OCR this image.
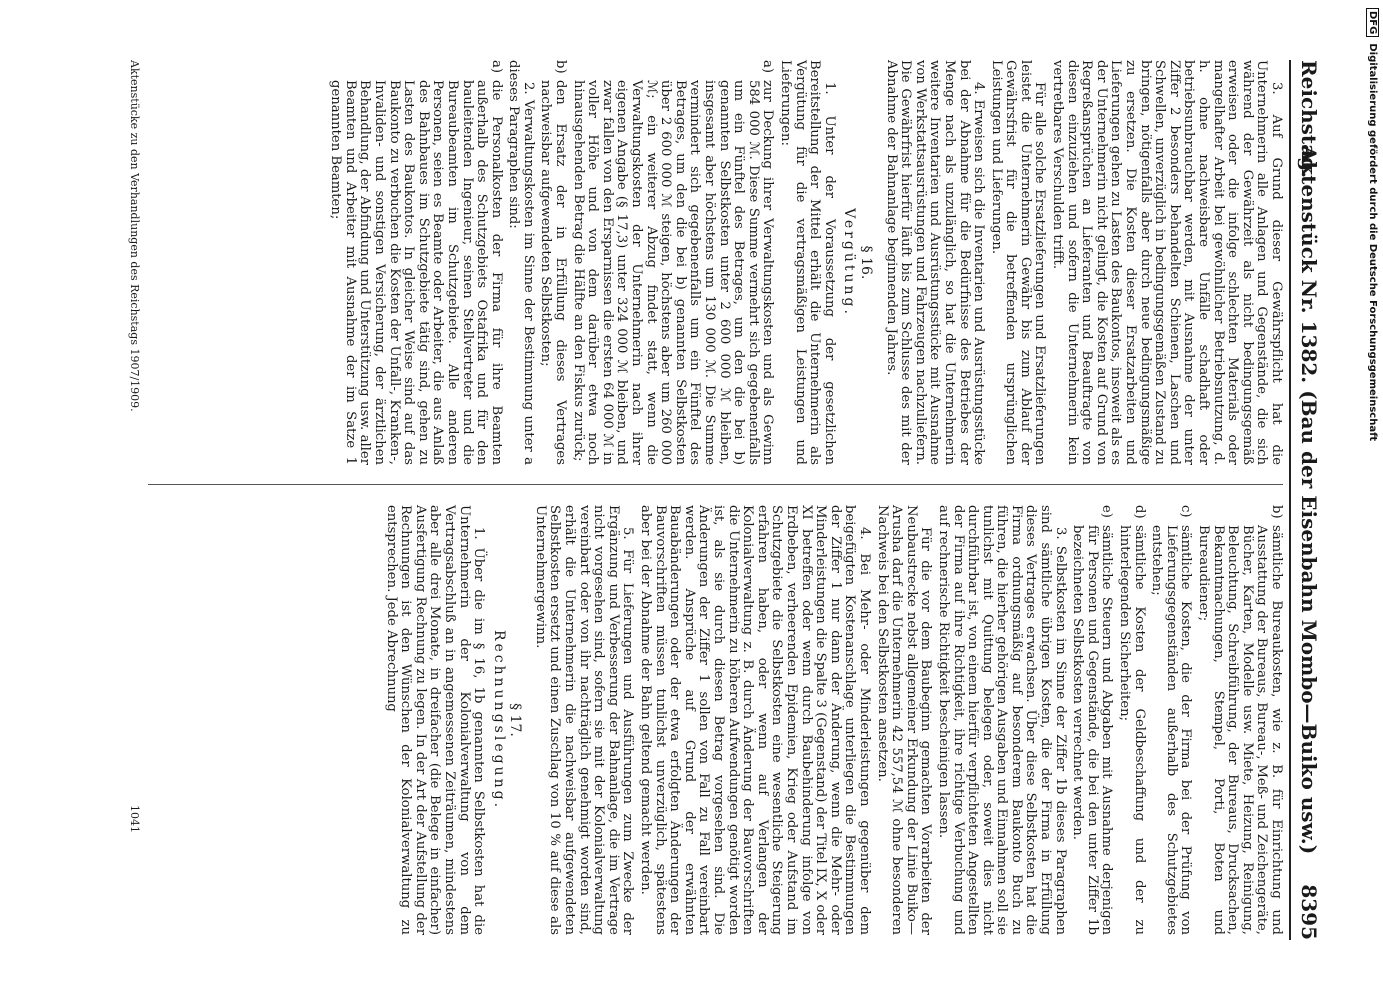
Reichstag.
Aktenstück Nr. 1382. (Bau der Eisenbahn Mombo—Buiko usw.)
8395

3. Auf Grund dieser Gewährspflicht hat die Unternehmerin alle Anlagen und Gegenstände, die sich während der Gewährzeit als nicht bedingungsgemäß erweisen oder die infolge schlechten Materials oder mangelhafter Arbeit bei gewöhnlicher Betriebsnutzung, d. h. ohne nachweisbare Unfälle schadhaft oder betriebsunbrauchbar werden, mit Ausnahme der unter Ziffer 2 besonders behandelten Schienen, Laschen und Schwellen, unverzüglich in bedingungsgemäßen Zustand zu bringen, nötigenfalls aber durch neue bedingungsmäßige zu ersetzen. Die Kosten dieser Ersatzarbeiten und Lieferungen gehen zu Lasten des Baukontos, insoweit als es der Unternehmerin nicht gelingt, die Kosten auf Grund von Regreßansprüchen an Lieferanten und Beauftragte von diesen einzuziehen und sofern die Unternehmerin kein vertretbares Verschulden trifft.

Für alle solche Ersatzlieferungen und Ersatzlieferungen leistet die Unternehmerin Gewähr bis zum Ablauf der Gewährsfrist für die betreffenden ursprünglichen Leistungen und Lieferungen.

4. Erweisen sich die Inventarien und Ausrüstungsstücke bei der Abnahme für die Bedürfnisse des Betriebes der Menge nach als unzulänglich, so hat die Unternehmerin weitere Inventarien und Ausrüstungsstücke mit Ausnahme von Werkstattsausrüstungen und Fahrzeugen nachzuliefern. Die Gewährfrist hierfür läuft bis zum Schlusse des mit der Abnahme der Bahnanlage beginnenden Jahres.

§ 16.
Vergütung.

1. Unter der Voraussetzung der gesetzlichen Bereitstellung der Mittel erhält die Unternehmerin als Vergütung für die vertragsmäßigen Leistungen und Lieferungen:

a)
zur Deckung ihrer Verwaltungskosten und als Gewinn 584 000 ℳ. Diese Summe vermehrt sich gegebenenfalls um ein Fünftel des Betrages, um den die bei b) genannten Selbstkosten unter 2 600 000 ℳ bleiben, insgesamt aber höchstens um 130 000 ℳ. Die Summe vermindert sich gegebenenfalls um ein Fünftel des Betrages, um den die bei b) genannten Selbstkosten über 2 600 000 ℳ steigen, höchstens aber um 260 000 ℳ; ein weiterer Abzug findet statt, wenn die Verwaltungskosten der Unternehmerin nach ihrer eigenen Angabe (§ 17,3) unter 324 000 ℳ bleiben, und zwar fallen von den Ersparnissen die ersten 64 000 ℳ in voller Höhe und von dem darüber etwa noch hinausgehenden Betrag die Hälfte an den Fiskus zurück;

b)
den Ersatz der in Erfüllung dieses Vertrages nachweisbar aufgewendeten Selbstkosten;

2. Verwaltungskosten im Sinne der Bestimmung unter a dieses Paragraphen sind:

a)
die Personalkosten der Firma für ihre Beamten außerhalb des Schutzgebiets Ostafrika und für den bauleitenden Ingenieur, seinen Stellvertreter und die Bureaubeamten im Schutzgebiete. Alle anderen Personen, seien es Beamte oder Arbeiter, die aus Anlaß des Bahnbaues im Schutzgebiete tätig sind, gehen zu Lasten des Baukontos. In gleicher Weise sind auf das Baukonto zu verbuchen die Kosten der Unfall-, Kranken-, Invaliden- und sonstigen Versicherung, der ärztlichen Behandlung, der Abfindung und Unterstützung usw. aller Beamten und Arbeiter mit Ausnahme der im Satze 1 genannten Beamten;

b)
sämtliche Bureaukosten, wie z. B. für Einrichtung und Ausstattung der Bureaus, Bureau-, Meß- und Zeichengeräte, Bücher, Karten, Modelle usw. Miete, Heizung, Reinigung, Beleuchtung, Schreibführung, der Bureaus, Drucksachen, Bekanntmachungen, Stempel, Porti, Boten und Bureaudiener;

c)
sämtliche Kosten, die der Firma bei der Prüfung von Lieferungsgegenständen außerhalb des Schutzgebietes entstehen;

d)
sämtliche Kosten der Geldbeschaffung und der zu hinterlegenden Sicherheiten;

e)
sämtliche Steuern und Abgaben mit Ausnahme derjenigen für Personen und Gegenstände, die bei den unter Ziffer 1b bezeichneten Selbstkosten verrechnet werden.

3. Selbstkosten im Sinne der Ziffer 1b dieses Paragraphen sind sämtliche übrigen Kosten, die der Firma in Erfüllung dieses Vertrages erwachsen. Über diese Selbstkosten hat die Firma ordnungsmäßig auf besonderem Baukonto Buch zu führen, die hierher gehörigen Ausgaben und Einnahmen soll sie tunlichst mit Quittung belegen oder, soweit dies nicht durchführbar ist, von einem hierfür verpflichteten Angestellten der Firma auf ihre Richtigkeit, ihre richtige Verbuchung und auf rechnerische Richtigkeit bescheinigen lassen.

Für die vor dem Baubeginn gemachten Vorarbeiten der Neubaustrecke nebst allgemeiner Erkundung der Linie Buiko—Arusha darf die Unternehmerin 42 557,54 ℳ ohne besonderen Nachweis bei den Selbstkosten ansetzen.

4. Bei Mehr- oder Minderleistungen gegenüber dem beigefügten Kostenanschlage unterliegen die Bestimmungen der Ziffer 1 nur dann der Änderung, wenn die Mehr- oder Minderleistungen die Spalte 3 (Gegenstand) der Titel IX, X oder XI betreffen oder wenn durch Baubehinderung infolge von Erdbeben, verheerenden Epidemien, Krieg oder Aufstand im Schutzgebiete die Selbstkosten eine wesentliche Steigerung erfahren haben, oder wenn auf Verlangen der Kolonialverwaltung z. B. durch Änderung der Bauvorschriften die Unternehmerin zu höheren Aufwendungen genötigt worden ist, als sie durch diesen Betrag vorgesehen sind. Die Änderungen der Ziffer 1 sollen von Fall zu Fall vereinbart werden. Ansprüche auf Grund der erwähnten Bauabänderungen oder der etwa erfolgten Änderungen der Bauvorschriften müssen tunlichst unverzüglich, spätestens aber bei der Abnahme der Bahn geltend gemacht werden.

5. Für Lieferungen und Ausführungen zum Zwecke der Ergänzung und Verbesserung der Bahnanlage, die im Vertrage nicht vorgesehen sind, sofern sie mit der Kolonialverwaltung vereinbart oder von ihr nachträglich genehmigt worden sind, erhält die Unternehmerin die nachweisbar aufgewendeten Selbstkosten ersetzt und einen Zuschlag von 10 % auf diese als Unternehmergewinn.

§ 17.
Rechnungslegung.

1. Über die im § 16, 1b genannten Selbstkosten hat die Unternehmerin der Kolonialverwaltung von dem Vertragsabschluß an in angemessenen Zeiträumen, mindestens aber alle drei Monate, in dreifacher (die Belege in einfacher) Ausfertigung Rechnung zu legen. In der Art der Aufstellung der Rechnungen ist den Wünschen der Kolonialverwaltung zu entsprechen. Jede Abrechnung

Aktenstücke zu den Verhandlungen des Reichstags 1907/1909.
1041
DFGDigitalisierung gefördert durch die Deutsche Forschungsgemeinschaft
